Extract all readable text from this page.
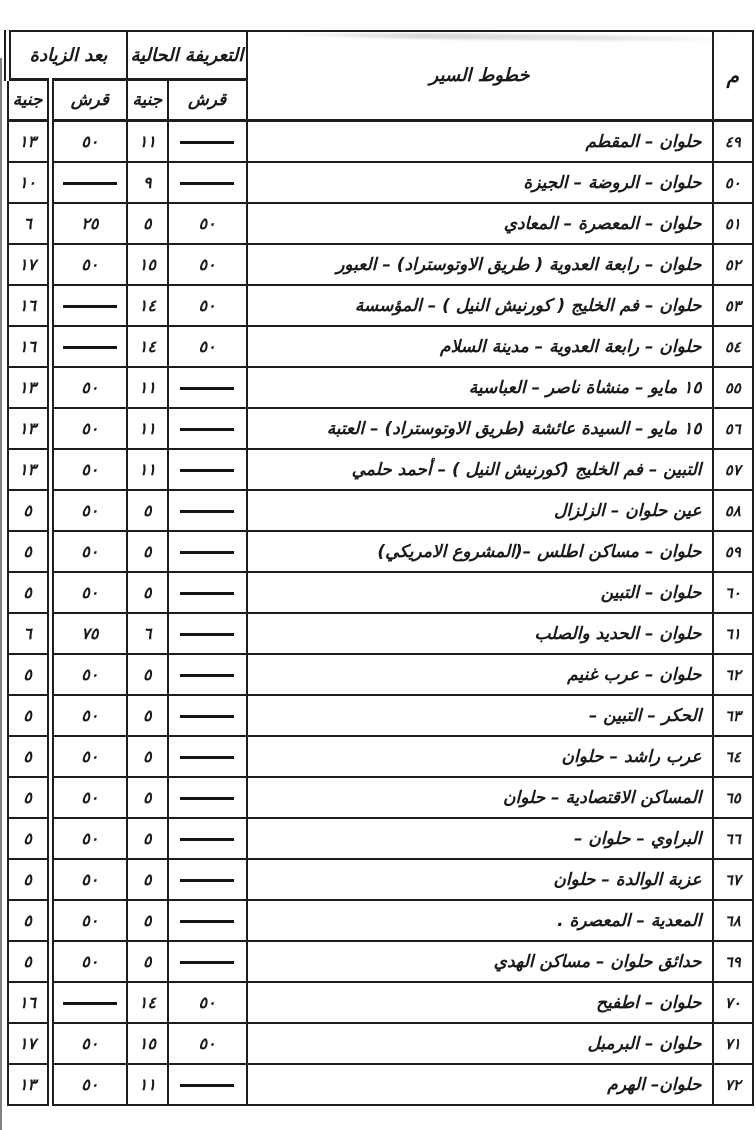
م	خطوط السير	التعريفة الحالية		بعد الزيادة	
		قرش	جنية	قرش	جنية
٤٩	حلوان – المقطم		١١	٥٠	١٣
٥٠	حلوان – الروضة – الجيزة		٩		١٠
٥١	حلوان – المعصرة – المعادي	٥٠	٥	٢٥	٦
٥٢	حلوان – رابعة العدوية ( طريق الاوتوستراد) – العبور	٥٠	١٥	٥٠	١٧
٥٣	حلوان – فم الخليج ( كورنيش النيل ) – المؤسسة	٥٠	١٤		١٦
٥٤	حلوان – رابعة العدوية – مدينة السلام	٥٠	١٤		١٦
٥٥	١٥ مايو – منشاة ناصر – العباسية		١١	٥٠	١٣
٥٦	١٥ مايو – السيدة عائشة (طريق الاوتوستراد) – العتبة		١١	٥٠	١٣
٥٧	التبين – فم الخليج (كورنيش النيل ) – أحمد حلمي		١١	٥٠	١٣
٥٨	عين حلوان – الزلزال		٥	٥٠	٥
٥٩	حلوان – مساكن اطلس –(المشروع الامريكي)		٥	٥٠	٥
٦٠	حلوان – التبين		٥	٥٠	٥
٦١	حلوان – الحديد والصلب		٦	٧٥	٦
٦٢	حلوان – عرب غنيم		٥	٥٠	٥
٦٣	الحكر – التبين –		٥	٥٠	٥
٦٤	عرب راشد – حلوان		٥	٥٠	٥
٦٥	المساكن الاقتصادية – حلوان		٥	٥٠	٥
٦٦	البراوي – حلوان –		٥	٥٠	٥
٦٧	عزبة الوالدة – حلوان		٥	٥٠	٥
٦٨	المعدية – المعصرة .		٥	٥٠	٥
٦٩	حدائق حلوان – مساكن الهدي		٥	٥٠	٥
٧٠	حلوان – اطفيح	٥٠	١٤		١٦
٧١	حلوان – البرمبل	٥٠	١٥	٥٠	١٧
٧٢	حلوان– الهرم		١١	٥٠	١٣
